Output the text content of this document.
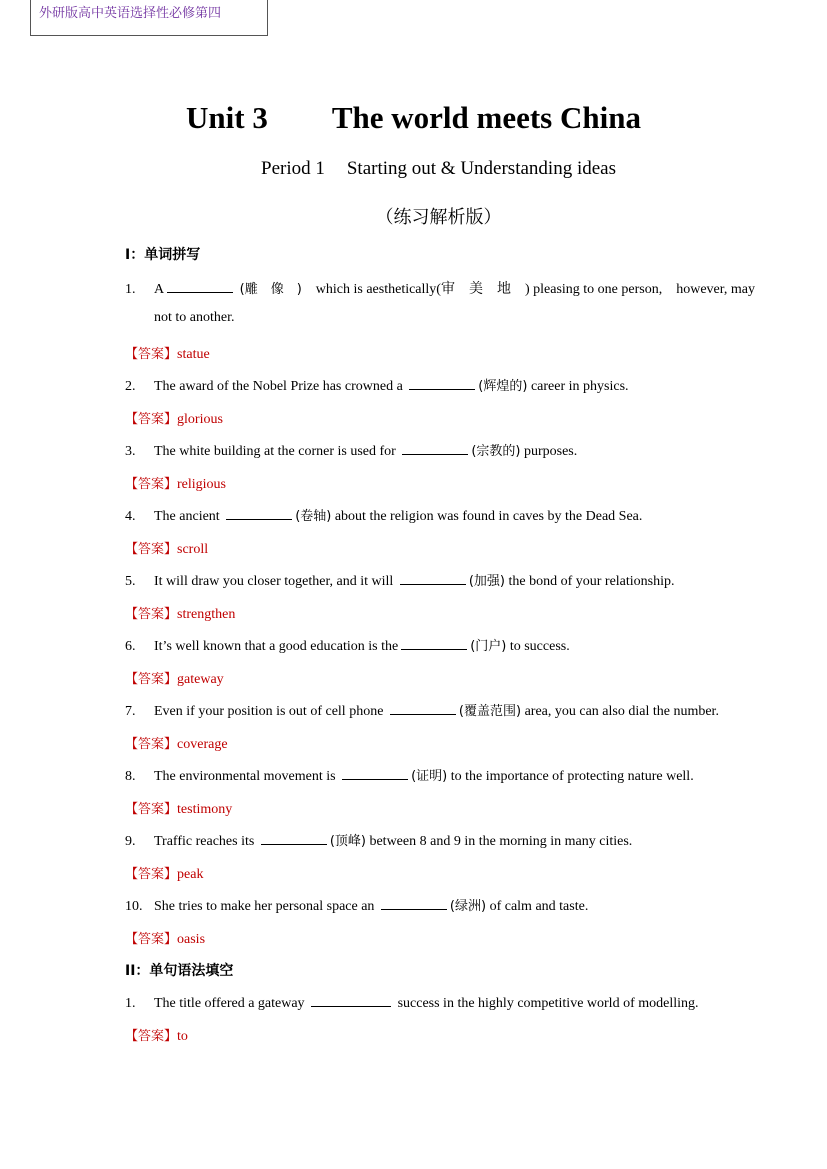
外研版高中英语选择性必修第四
Unit 3 The world meets China
Period 1 Starting out & Understanding ideas
（练习解析版）
I：单词拼写
1. A	(雕　像　)　 which is aesthetically(审　美　地　) pleasing to one person,　however, may
not to another.
【答案】statue
2. The award of the Nobel Prize has crowned a	(辉煌的) career in physics.
【答案】glorious
3. The white building at the corner is used for	(宗教的) purposes.
【答案】religious
4. The ancient	(卷轴) about the religion was found in caves by the Dead Sea.
【答案】scroll
5. It will draw you closer together, and it will	(加强) the bond of your relationship.
【答案】strengthen
6. It’s well known that a good education is the	(门户) to success.
【答案】gateway
7. Even if your position is out of cell phone	(覆盖范围) area, you can also dial the number.
【答案】coverage
8. The environmental movement is	(证明) to the importance of protecting nature well.
【答案】testimony
9. Traffic reaches its	(顶峰) between 8 and 9 in the morning in many cities.
【答案】peak
10. She tries to make her personal space an	(绿洲) of calm and taste.
【答案】oasis
II：单句语法填空
1. The title offered a gateway	success in the highly competitive world of modelling.
【答案】to
